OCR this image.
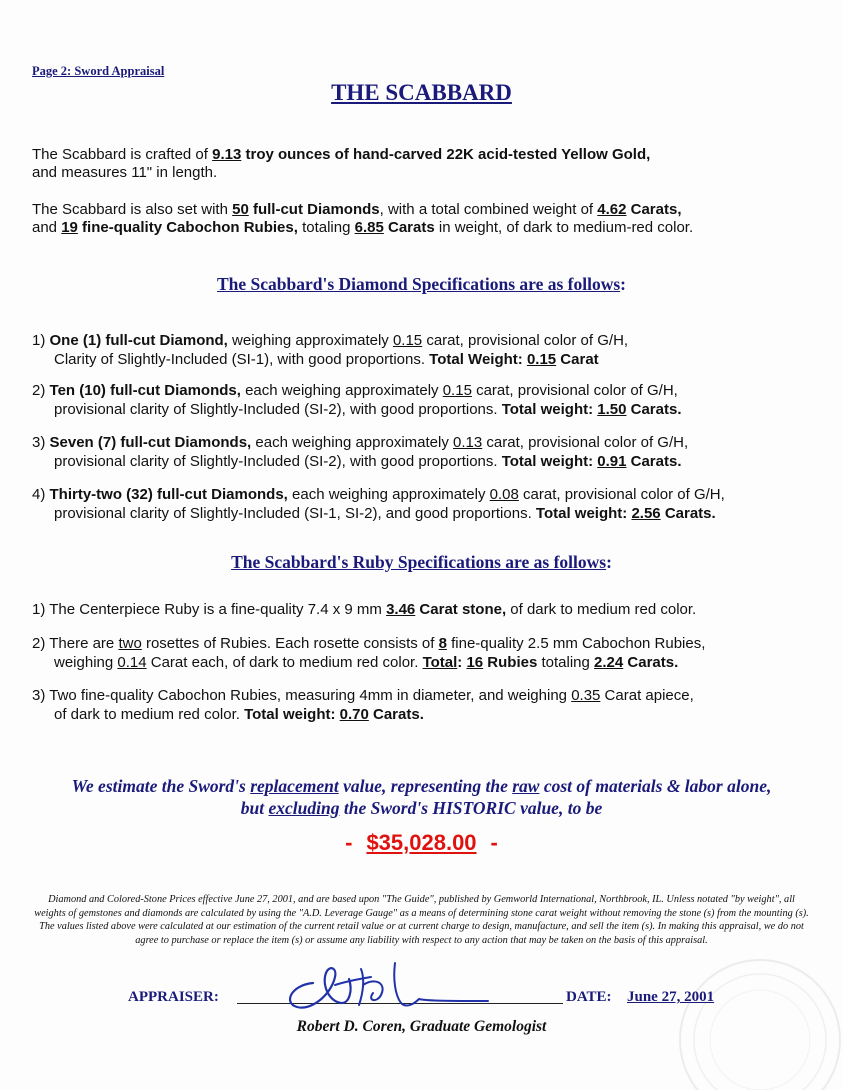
Page 2: Sword Appraisal
THE SCABBARD
The Scabbard is crafted of 9.13 troy ounces of hand-carved 22K acid-tested Yellow Gold,
and measures 11" in length.
The Scabbard is also set with 50 full-cut Diamonds, with a total combined weight of 4.62 Carats,
and 19 fine-quality Cabochon Rubies, totaling 6.85 Carats in weight, of dark to medium-red color.
The Scabbard's Diamond Specifications are as follows:
1) One (1) full-cut Diamond, weighing approximately 0.15 carat, provisional color of G/H,
Clarity of Slightly-Included (SI-1), with good proportions. Total Weight: 0.15 Carat
2) Ten (10) full-cut Diamonds, each weighing approximately 0.15 carat, provisional color of G/H,
provisional clarity of Slightly-Included (SI-2), with good proportions. Total weight: 1.50 Carats.
3) Seven (7) full-cut Diamonds, each weighing approximately 0.13 carat, provisional color of G/H,
provisional clarity of Slightly-Included (SI-2), with good proportions. Total weight: 0.91 Carats.
4) Thirty-two (32) full-cut Diamonds, each weighing approximately 0.08 carat, provisional color of G/H,
provisional clarity of Slightly-Included (SI-1, SI-2), and good proportions. Total weight: 2.56 Carats.
The Scabbard's Ruby Specifications are as follows:
1) The Centerpiece Ruby is a fine-quality 7.4 x 9 mm 3.46 Carat stone, of dark to medium red color.
2) There are two rosettes of Rubies. Each rosette consists of 8 fine-quality 2.5 mm Cabochon Rubies,
weighing 0.14 Carat each, of dark to medium red color. Total: 16 Rubies totaling 2.24 Carats.
3) Two fine-quality Cabochon Rubies, measuring 4mm in diameter, and weighing 0.35 Carat apiece,
of dark to medium red color. Total weight: 0.70 Carats.
We estimate the Sword's replacement value, representing the raw cost of materials & labor alone,
but excluding the Sword's HISTORIC value, to be
- $35,028.00 -
Diamond and Colored-Stone Prices effective June 27, 2001, and are based upon "The Guide", published by Gemworld International, Northbrook, IL. Unless notated "by weight", all weights of gemstones and diamonds are calculated by using the "A.D. Leverage Gauge" as a means of determining stone carat weight without removing the stone (s) from the mounting (s). The values listed above were calculated at our estimation of the current retail value or at current charge to design, manufacture, and sell the item (s). In making this appraisal, we do not agree to purchase or replace the item (s) or assume any liability with respect to any action that may be taken on the basis of this appraisal.
APPRAISER:	DATE: June 27, 2001
Robert D. Coren, Graduate Gemologist
